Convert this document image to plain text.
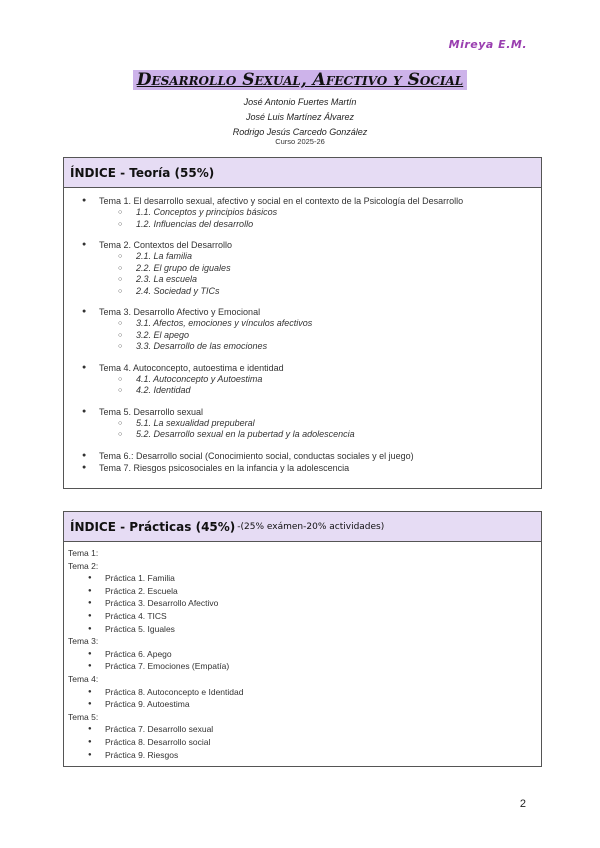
Mireya E.M.
Desarrollo Sexual, Afectivo y Social
José Antonio Fuertes Martín
José Luis Martínez Álvarez
Rodrigo Jesús Carcedo González
Curso 2025-26
ÍNDICE - Teoría (55%)
● Tema 1. El desarrollo sexual, afectivo y social en el contexto de la Psicología del Desarrollo
○ 1.1. Conceptos y principios básicos
○ 1.2. Influencias del desarrollo
● Tema 2. Contextos del Desarrollo
○ 2.1. La familia
○ 2.2. El grupo de iguales
○ 2.3. La escuela
○ 2.4. Sociedad y TICs
● Tema 3. Desarrollo Afectivo y Emocional
○ 3.1. Afectos, emociones y vínculos afectivos
○ 3.2. El apego
○ 3.3. Desarrollo de las emociones
● Tema 4. Autoconcepto, autoestima e identidad
○ 4.1. Autoconcepto y Autoestima
○ 4.2. Identidad
● Tema 5. Desarrollo sexual
○ 5.1. La sexualidad prepuberal
○ 5.2. Desarrollo sexual en la pubertad y la adolescencia
● Tema 6.: Desarrollo social (Conocimiento social, conductas sociales y el juego)
● Tema 7. Riesgos psicosociales en la infancia y la adolescencia
ÍNDICE - Prácticas (45%) -(25% exámen-20% actividades)
Tema 1:
Tema 2:
● Práctica 1. Familia
● Práctica 2. Escuela
● Práctica 3. Desarrollo Afectivo
● Práctica 4. TICS
● Práctica 5. Iguales
Tema 3:
● Práctica 6. Apego
● Práctica 7. Emociones (Empatía)
Tema 4:
● Práctica 8. Autoconcepto e Identidad
● Práctica 9. Autoestima
Tema 5:
● Práctica 7. Desarrollo sexual
● Práctica 8. Desarrollo social
● Práctica 9. Riesgos
2
